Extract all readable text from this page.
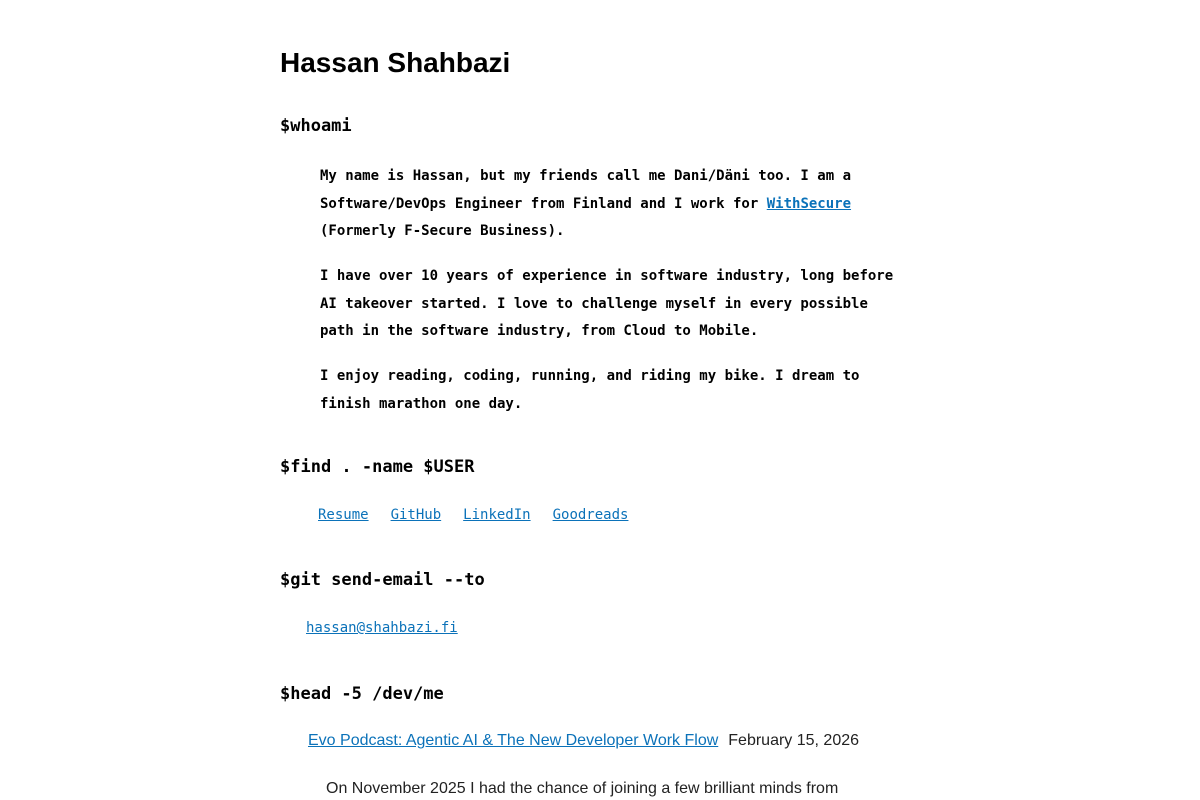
Hassan Shahbazi
$whoami

My name is Hassan, but my friends call me Dani/Däni too. I am a Software/DevOps Engineer from Finland and I work for WithSecure (Formerly F-Secure Business).

I have over 10 years of experience in software industry, long before AI takeover started. I love to challenge myself in every possible path in the software industry, from Cloud to Mobile.

I enjoy reading, coding, running, and riding my bike. I dream to finish marathon one day.

$find . -name $USER
Resume GitHub LinkedIn Goodreads
$git send-email --to
hassan@shahbazi.fi
$head -5 /dev/me
Evo Podcast: Agentic AI & The New Developer Work Flow February 15, 2026

On November 2025 I had the chance of joining a few brilliant minds from
